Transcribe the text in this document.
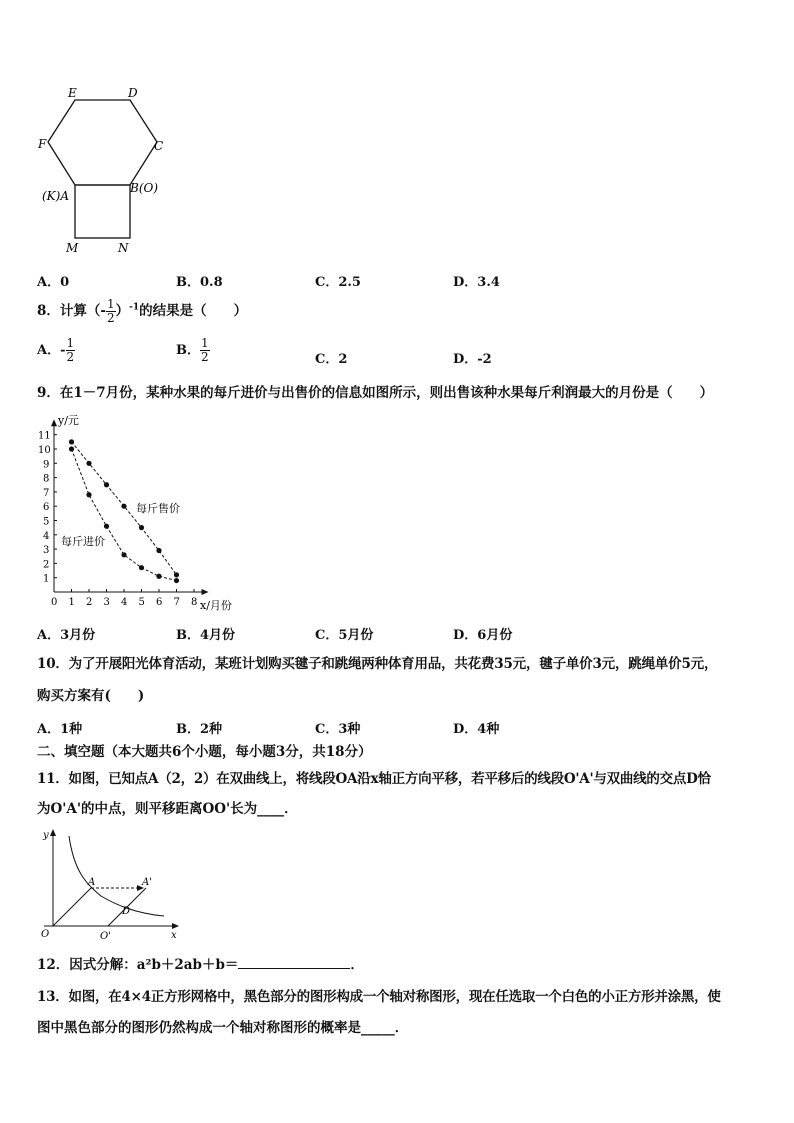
E	D
F	C
(K)A
B(O)
M	N
A．0	B．0.8	C．2.5	D．3.4
8．计算（- $\frac{1}{2} )^{-1}$的结果是（　　）
A．- $\frac{1}{2}$	B． $\frac{1}{2}$	C．2	D．-2
9．在1－7月份，某种水果的每斤进价与出售价的信息如图所示，则出售该种水果每斤利润最大的月份是（　　）
0 1 2 3 4 5 6 7 8
1
2
3
4
5
6
7
8
9
10
11
y/元
x/月份
每斤售价
每斤进价
A．3月份	B．4月份	C．5月份	D．6月份
10．为了开展阳光体育活动，某班计划购买毽子和跳绳两种体育用品，共花费35元，毽子单价3元，跳绳单价5元，
购买方案有(　　)
A．1种	B．2种	C．3种	D．4种
二、填空题（本大题共6个小题，每小题3分，共18分）
11．如图，已知点A（2，2）在双曲线上，将线段OA沿x轴正方向平移，若平移后的线段O'A'与双曲线的交点D恰
为O'A'的中点，则平移距离OO'长为____．
y
x
O	O'
A	A'
D
12．因式分解：a²b＋2ab＋b＝	．
13．如图，在4×4正方形网格中，黑色部分的图形构成一个轴对称图形，现在任选取一个白色的小正方形并涂黑，使
图中黑色部分的图形仍然构成一个轴对称图形的概率是_____．
